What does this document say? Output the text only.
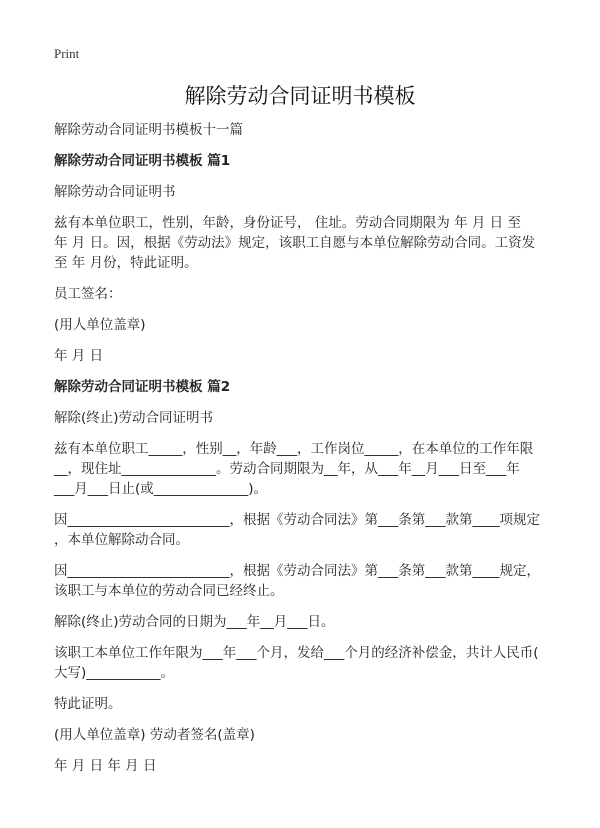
Print
解除劳动合同证明书模板

解除劳动合同证明书模板十一篇

解除劳动合同证明书模板 篇1

解除劳动合同证明书

兹有本单位职工，性别，年龄，身份证号， 住址。劳动合同期限为 年 月 日 至
年 月 日。因，根据《劳动法》规定，该职工自愿与本单位解除劳动合同。工资发
至 年 月份，特此证明。

员工签名：

(用人单位盖章)

年 月 日

解除劳动合同证明书模板 篇2

解除(终止)劳动合同证明书

兹有本单位职工_____，性别__，年龄___，工作岗位_____，在本单位的工作年限
__，现住址______________。劳动合同期限为__年，从___年__月___日至___年
___月___日止(或______________)。

因________________________，根据《劳动合同法》第___条第___款第____项规定
，本单位解除动合同。

因________________________，根据《劳动合同法》第___条第___款第____规定，
该职工与本单位的劳动合同已经终止。

解除(终止)劳动合同的日期为___年__月___日。

该职工本单位工作年限为___年___个月，发给___个月的经济补偿金，共计人民币(
大写)___________。

特此证明。

(用人单位盖章) 劳动者签名(盖章)

年 月 日 年 月 日
